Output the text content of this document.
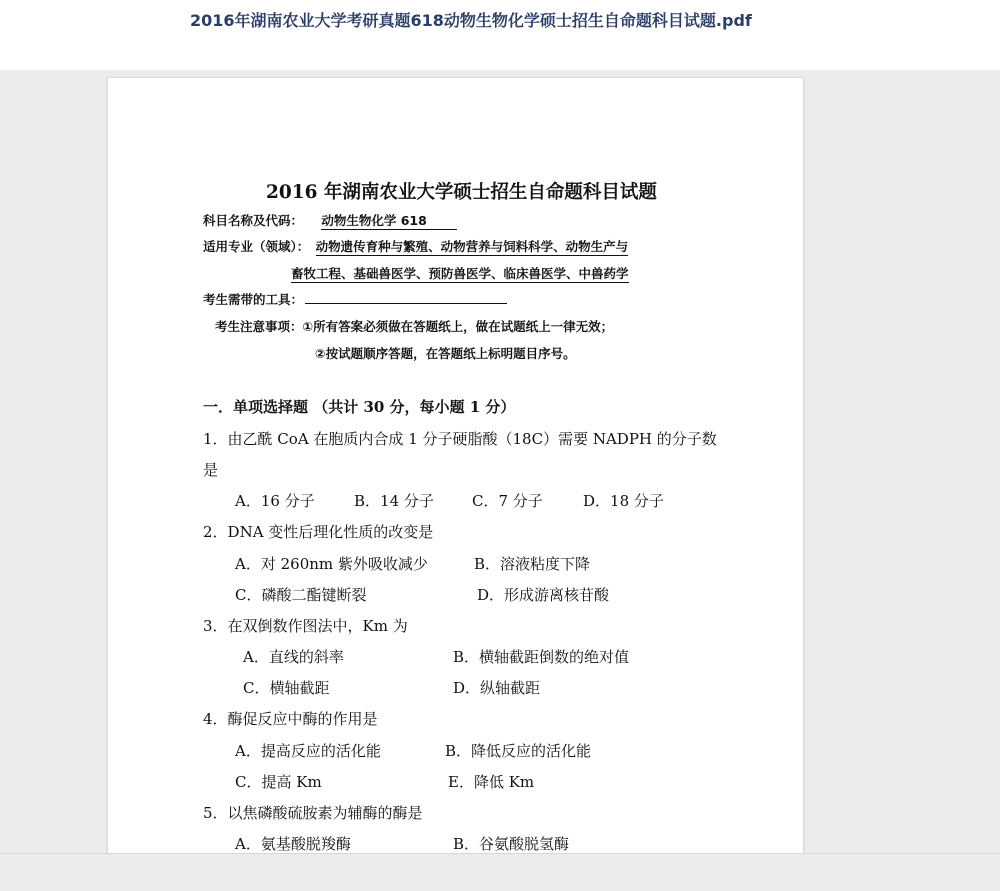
2016年湖南农业大学考研真题618动物生物化学硕士招生自命题科目试题.pdf
2016 年湖南农业大学硕士招生自命题科目试题
科目名称及代码： 动物生物化学 618
适用专业（领域）： 动物遗传育种与繁殖、动物营养与饲料科学、动物生产与
畜牧工程、基础兽医学、预防兽医学、临床兽医学、中兽药学
考生需带的工具：
考生注意事项：①所有答案必须做在答题纸上，做在试题纸上一律无效；
②按试题顺序答题，在答题纸上标明题目序号。
一．单项选择题 （共计 30 分，每小题 1 分）
1．由乙酰 CoA 在胞质内合成 1 分子硬脂酸（18C）需要 NADPH 的分子数
是
A．16 分子	B．14 分子	C．7 分子	D．18 分子
2．DNA 变性后理化性质的改变是
A．对 260nm 紫外吸收减少	B．溶液粘度下降
C．磷酸二酯键断裂	D．形成游离核苷酸
3．在双倒数作图法中，Km 为
A．直线的斜率	B．横轴截距倒数的绝对值
C．横轴截距	D．纵轴截距
4．酶促反应中酶的作用是
A．提高反应的活化能	B．降低反应的活化能
C．提高 Km	E．降低 Km
5．以焦磷酸硫胺素为辅酶的酶是
A．氨基酸脱羧酶	B．谷氨酸脱氢酶
